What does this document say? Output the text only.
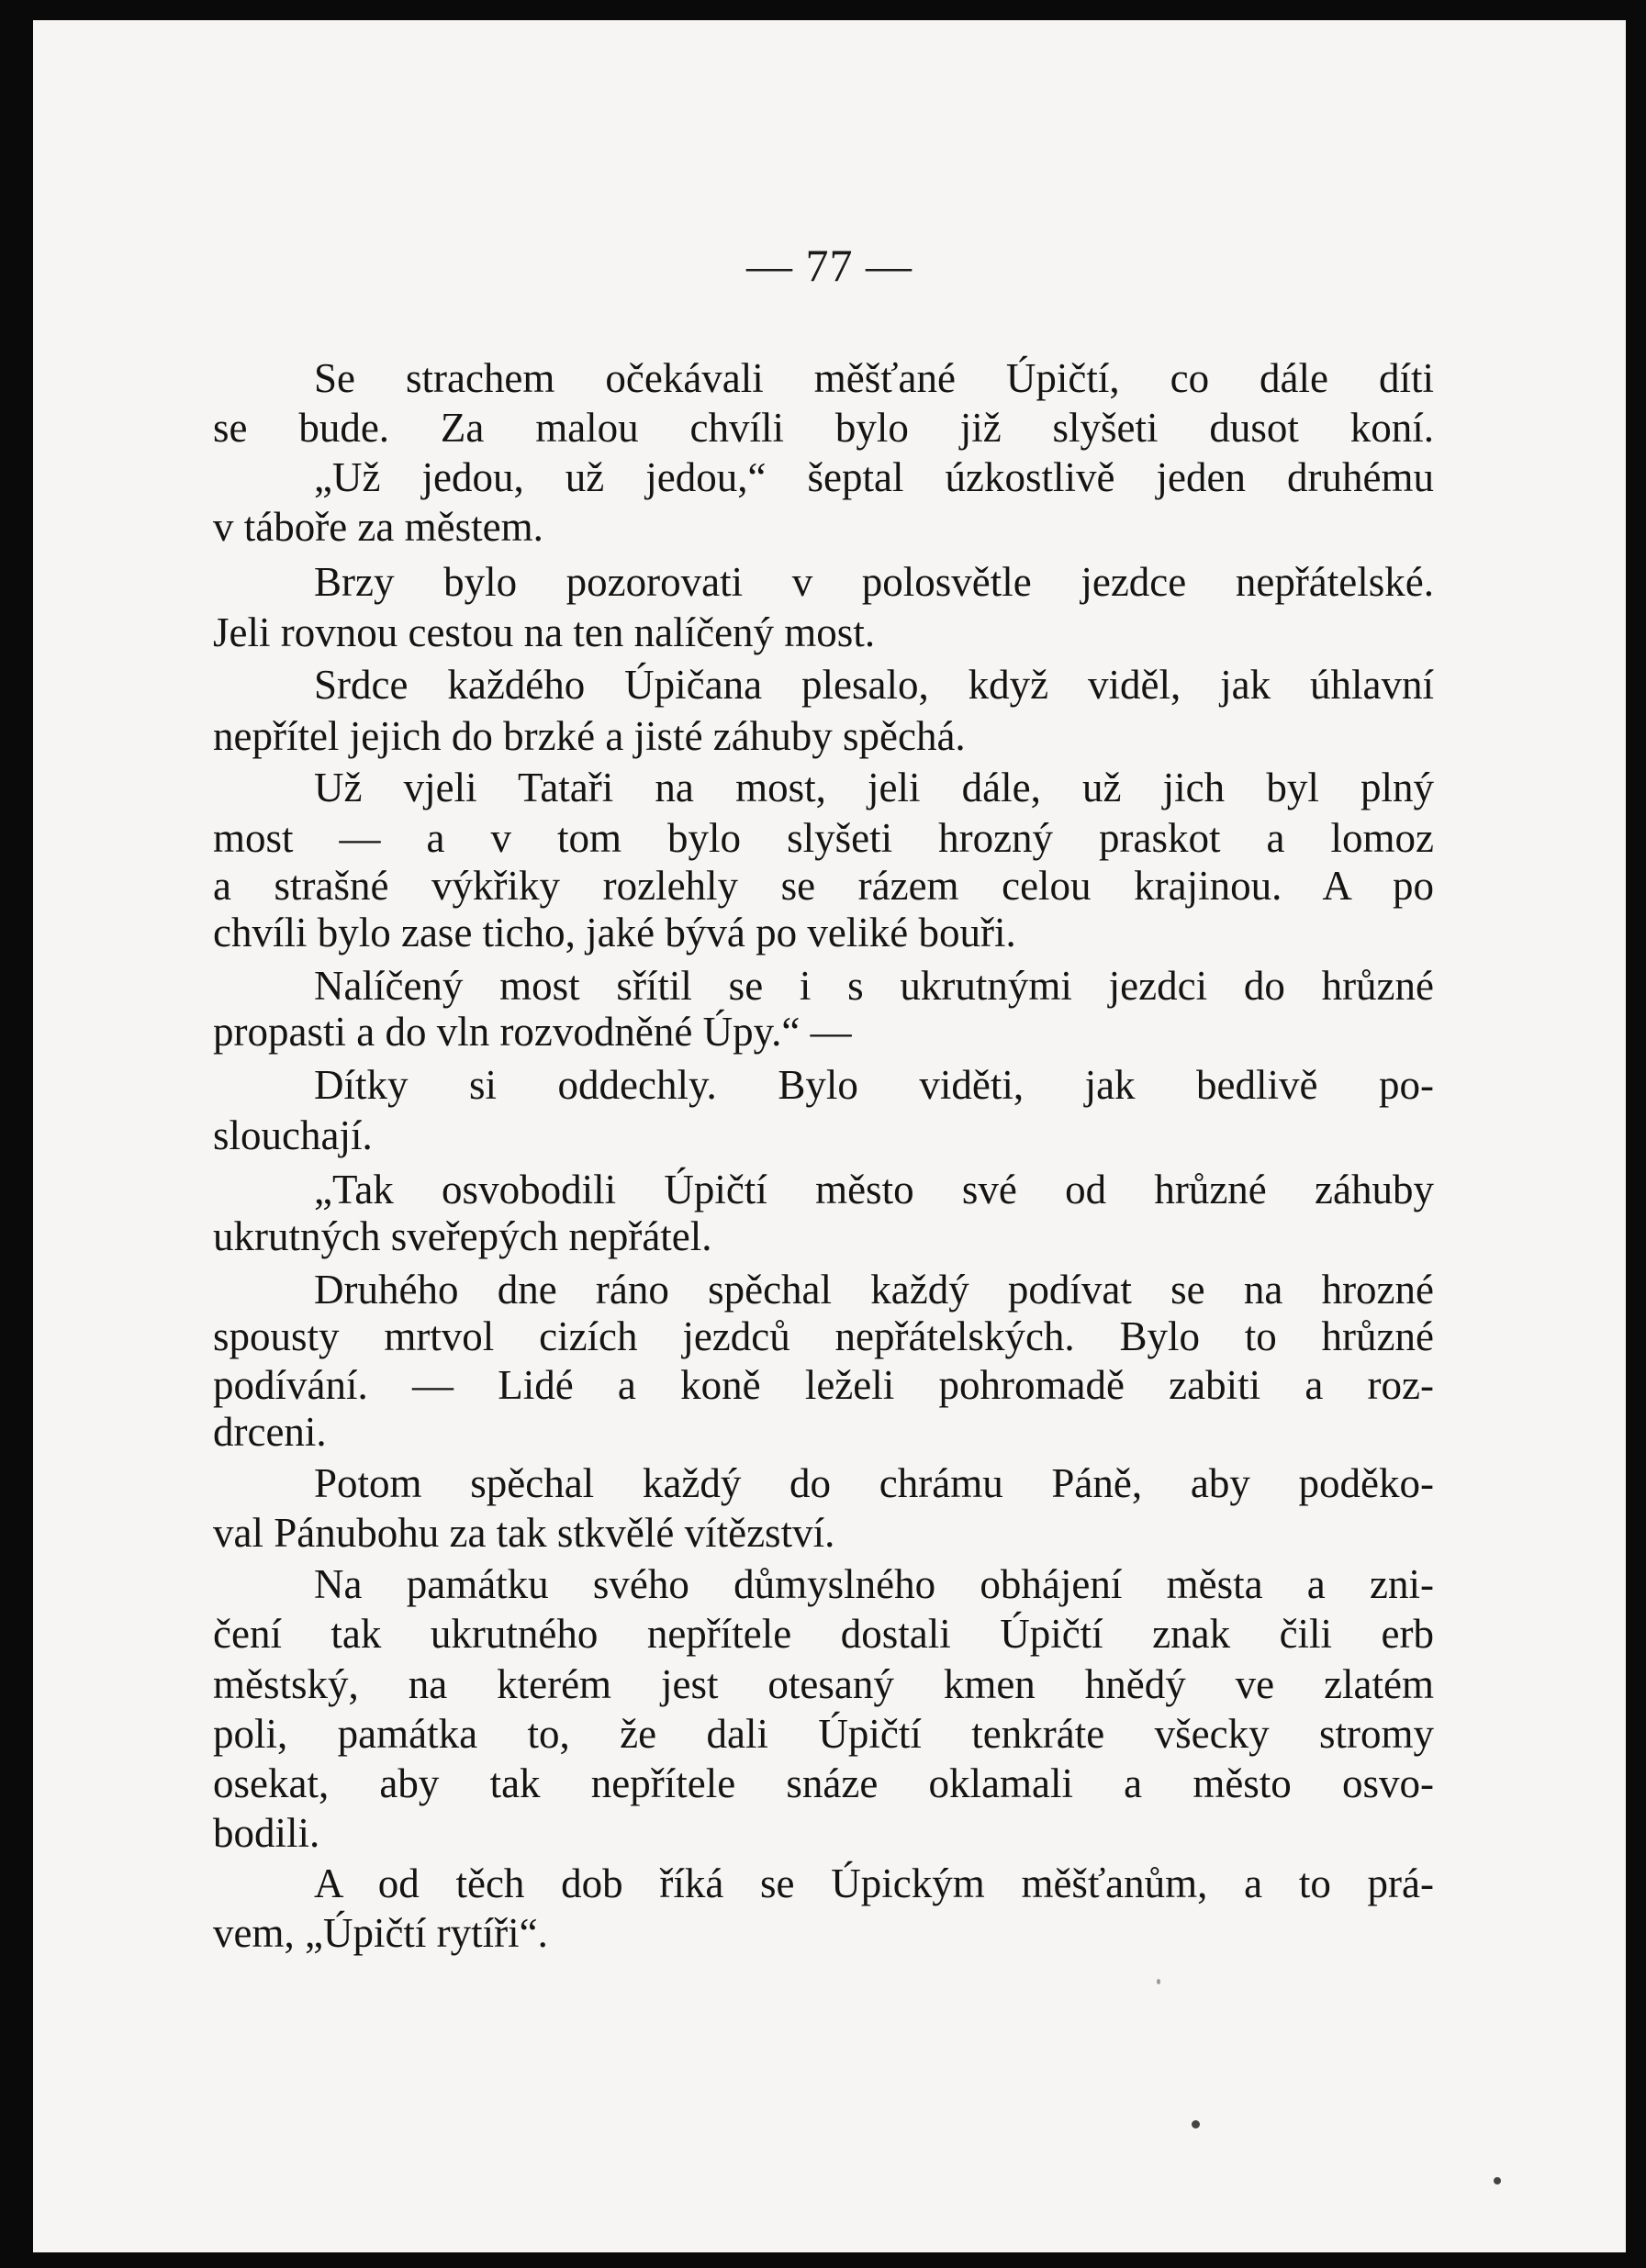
— 77 —
Se strachem očekávali měšťané Úpičtí, co dále díti
se bude. Za malou chvíli bylo již slyšeti dusot koní.
„Už jedou, už jedou,“ šeptal úzkostlivě jeden druhému
v táboře za městem.
Brzy bylo pozorovati v polosvětle jezdce nepřátelské.
Jeli rovnou cestou na ten nalíčený most.
Srdce každého Úpičana plesalo, když viděl, jak úhlavní
nepřítel jejich do brzké a jisté záhuby spěchá.
Už vjeli Tataři na most, jeli dále, už jich byl plný
most — a v tom bylo slyšeti hrozný praskot a lomoz
a strašné výkřiky rozlehly se rázem celou krajinou. A po
chvíli bylo zase ticho, jaké bývá po veliké bouři.
Nalíčený most sřítil se i s ukrutnými jezdci do hrůzné
propasti a do vln rozvodněné Úpy.“ —
Dítky si oddechly. Bylo viděti, jak bedlivě po-
slouchají.
„Tak osvobodili Úpičtí město své od hrůzné záhuby
ukrutných sveřepých nepřátel.
Druhého dne ráno spěchal každý podívat se na hrozné
spousty mrtvol cizích jezdců nepřátelských. Bylo to hrůzné
podívání. — Lidé a koně leželi pohromadě zabiti a roz-
drceni.
Potom spěchal každý do chrámu Páně, aby poděko-
val Pánubohu za tak stkvělé vítězství.
Na památku svého důmyslného obhájení města a zni-
čení tak ukrutného nepřítele dostali Úpičtí znak čili erb
městský, na kterém jest otesaný kmen hnědý ve zlatém
poli, památka to, že dali Úpičtí tenkráte všecky stromy
osekat, aby tak nepřítele snáze oklamali a město osvo-
bodili.
A od těch dob říká se Úpickým měšťanům, a to prá-
vem, „Úpičtí rytíři“.
